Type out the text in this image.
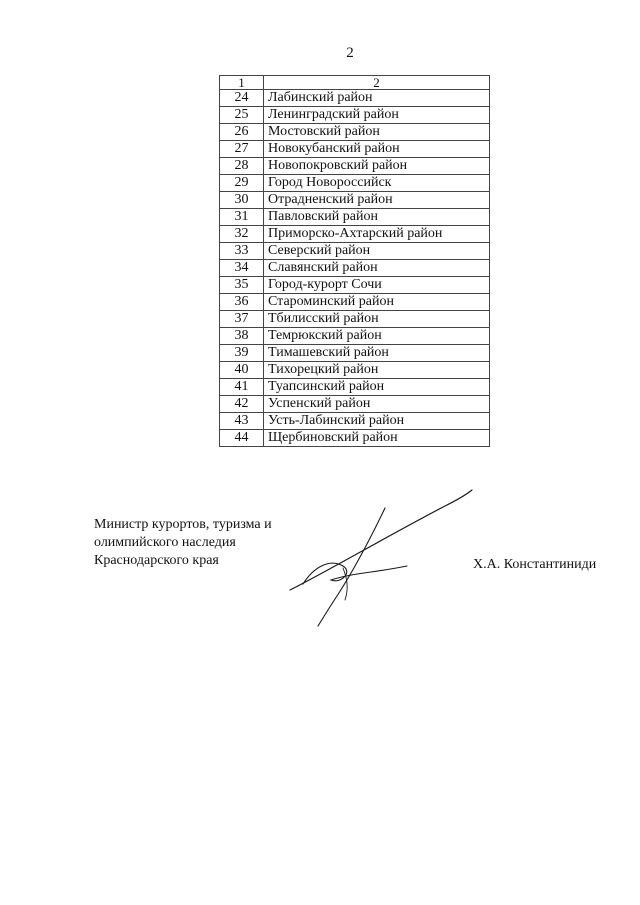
2
1	2
24	Лабинский район
25	Ленинградский район
26	Мостовский район
27	Новокубанский район
28	Новопокровский район
29	Город Новороссийск
30	Отрадненский район
31	Павловский район
32	Приморско-Ахтарский район
33	Северский район
34	Славянский район
35	Город-курорт Сочи
36	Староминский район
37	Тбилисский район
38	Темрюкский район
39	Тимашевский район
40	Тихорецкий район
41	Туапсинский район
42	Успенский район
43	Усть-Лабинский район
44	Щербиновский район
Министр курортов, туризма и
олимпийского наследия
Краснодарского края	Х.А. Константиниди
